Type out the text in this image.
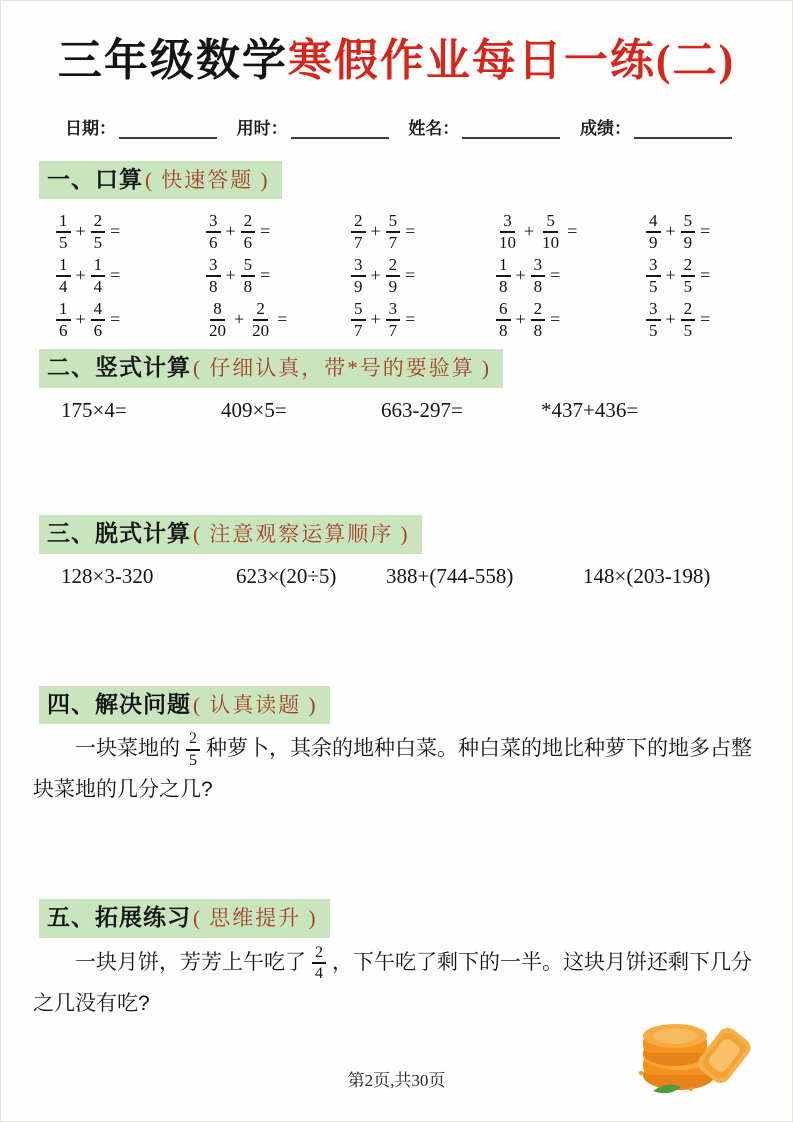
三年级数学寒假作业每日一练(二)
日期：	用时：	姓名：	成绩：
一、口算( 快速答题 )
$\frac{1}{5} + \frac{2}{5}$ =	$\frac{3}{6} + \frac{2}{6}$ =	$\frac{2}{7} + \frac{5}{7}$ =	$\frac{3}{10} + \frac{5}{10}$ =	$\frac{4}{9} + \frac{5}{9}$ =
$\frac{1}{4} + \frac{1}{4}$ =	$\frac{3}{8} + \frac{5}{8}$ =	$\frac{3}{9} + \frac{2}{9}$ =	$\frac{1}{8} + \frac{3}{8}$ =	$\frac{3}{5} + \frac{2}{5}$ =
$\frac{1}{6} + \frac{4}{6}$ =	$\frac{8}{20} + \frac{2}{20}$ =	$\frac{5}{7} + \frac{3}{7}$ =	$\frac{6}{8} + \frac{2}{8}$ =	$\frac{3}{5} + \frac{2}{5}$ =
二、竖式计算( 仔细认真，带*号的要验算 )
175×4=	409×5=	663-297=	*437+436=
三、脱式计算( 注意观察运算顺序 )
128×3-320	623×(20÷5)	388+(744-558)	148×(203-198)
四、解决问题( 认真读题 )

一块菜地的 $\frac{2}{5}$ 种萝卜，其余的地种白菜。种白菜的地比种萝下的地多占整块菜地的几分之几?

五、拓展练习( 思维提升 )

一块月饼，芳芳上午吃了 $\frac{2}{4}$ ，下午吃了剩下的一半。这块月饼还剩下几分之几没有吃?

第2页,共30页
